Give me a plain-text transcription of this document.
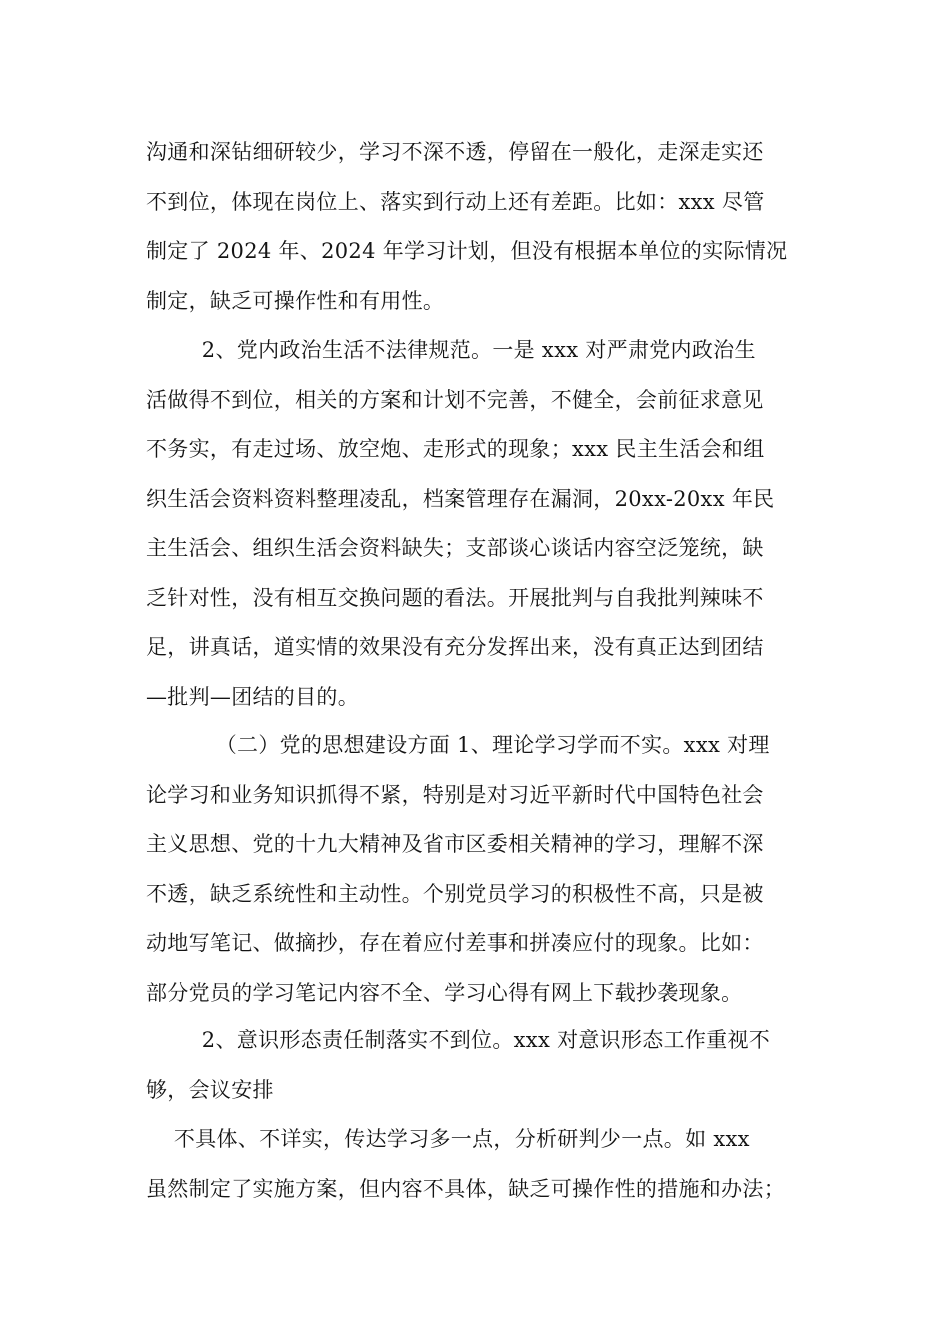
沟通和深钻细研较少，学习不深不透，停留在一般化，走深走实还
不到位，体现在岗位上、落实到行动上还有差距。比如：xxx 尽管
制定了 2024 年、2024 年学习计划，但没有根据本单位的实际情况
制定，缺乏可操作性和有用性。

2、党内政治生活不法律规范。一是 xxx 对严肃党内政治生
活做得不到位，相关的方案和计划不完善，不健全，会前征求意见
不务实，有走过场、放空炮、走形式的现象；xxx 民主生活会和组
织生活会资料资料整理凌乱，档案管理存在漏洞，20xx-20xx 年民
主生活会、组织生活会资料缺失；支部谈心谈话内容空泛笼统，缺
乏针对性，没有相互交换问题的看法。开展批判与自我批判辣味不
足，讲真话，道实情的效果没有充分发挥出来，没有真正达到团结
—批判—团结的目的。

（二）党的思想建设方面 1、理论学习学而不实。xxx 对理
论学习和业务知识抓得不紧，特别是对习近平新时代中国特色社会
主义思想、党的十九大精神及省市区委相关精神的学习，理解不深
不透，缺乏系统性和主动性。个别党员学习的积极性不高，只是被
动地写笔记、做摘抄，存在着应付差事和拼凑应付的现象。比如：
部分党员的学习笔记内容不全、学习心得有网上下载抄袭现象。

2、意识形态责任制落实不到位。xxx 对意识形态工作重视不
够，会议安排

不具体、不详实，传达学习多一点，分析研判少一点。如 xxx
虽然制定了实施方案，但内容不具体，缺乏可操作性的措施和办法；
